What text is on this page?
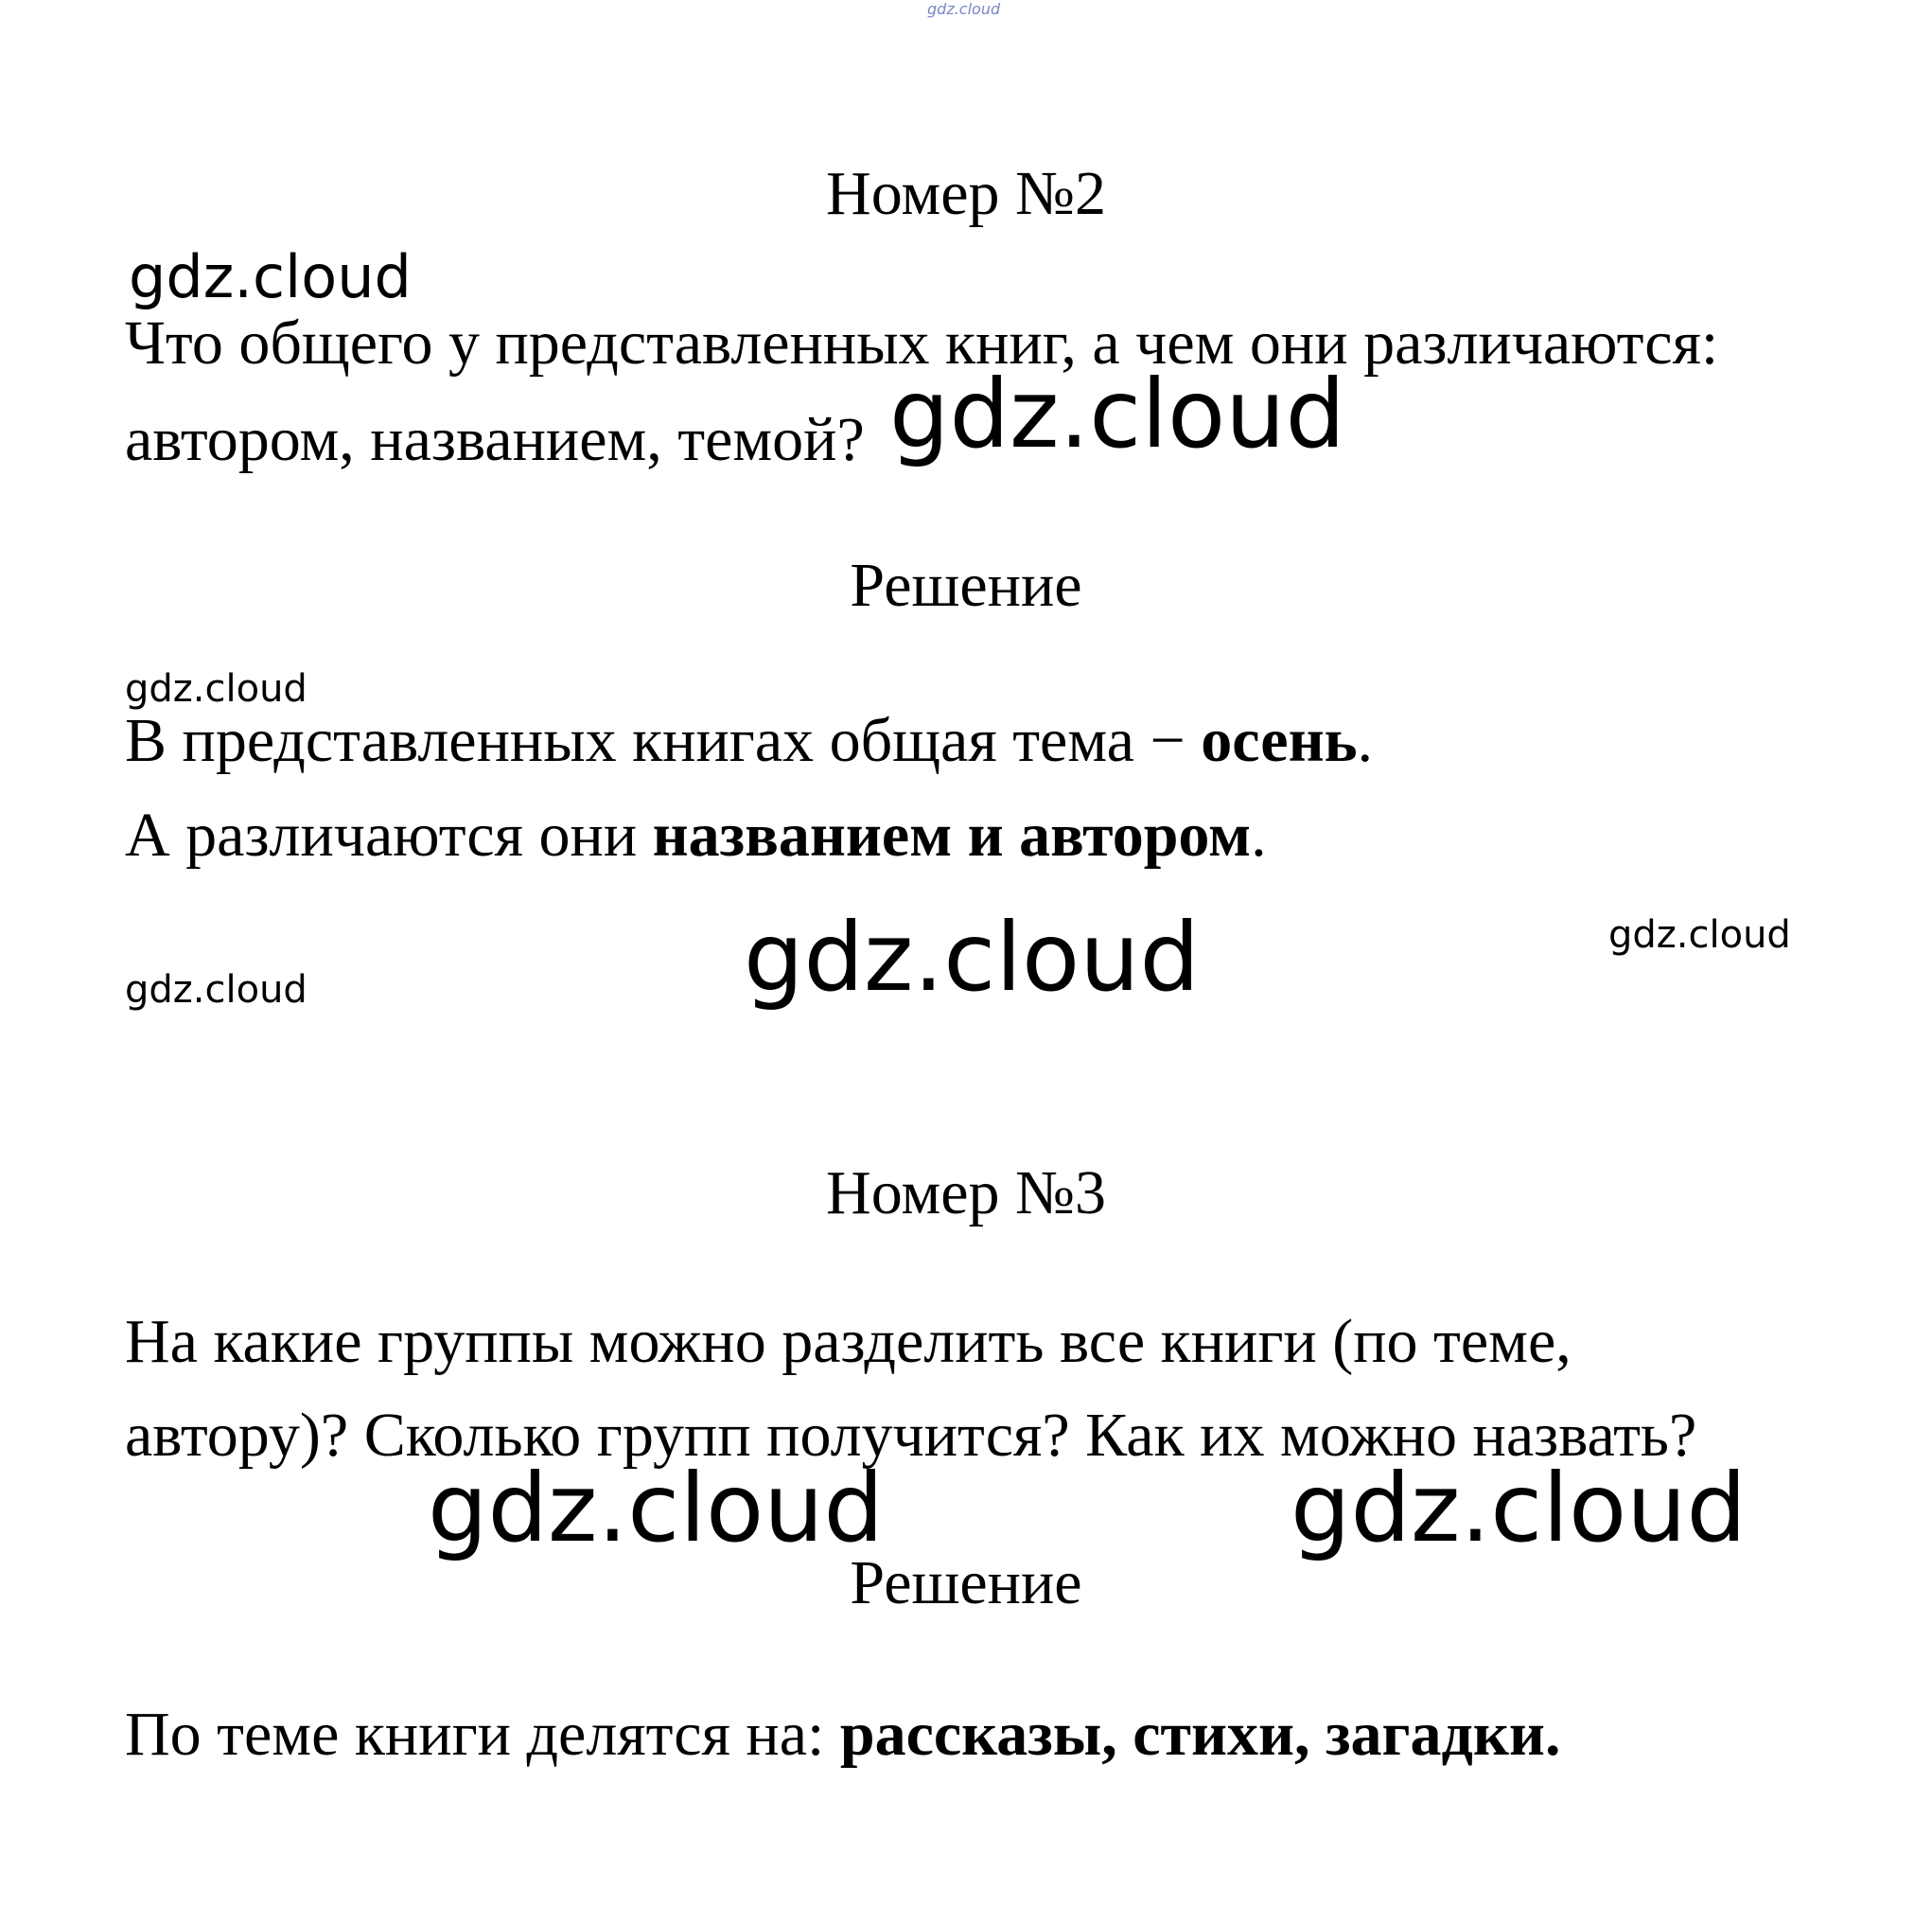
gdz.cloud
Номер №2
gdz.cloud
Что общего у представленных книг, а чем они различаются:
автором, названием, темой? gdz.cloud
Решение
gdz.cloud
В представленных книгах общая тема − осень.
А различаются они названием и автором.
gdz.cloud
gdz.cloud
gdz.cloud
Номер №3
На какие группы можно разделить все книги (по теме,
автору)? Сколько групп получится? Как их можно назвать?
gdz.cloud	gdz.cloud
Решение
По теме книги делятся на: рассказы, стихи, загадки.
